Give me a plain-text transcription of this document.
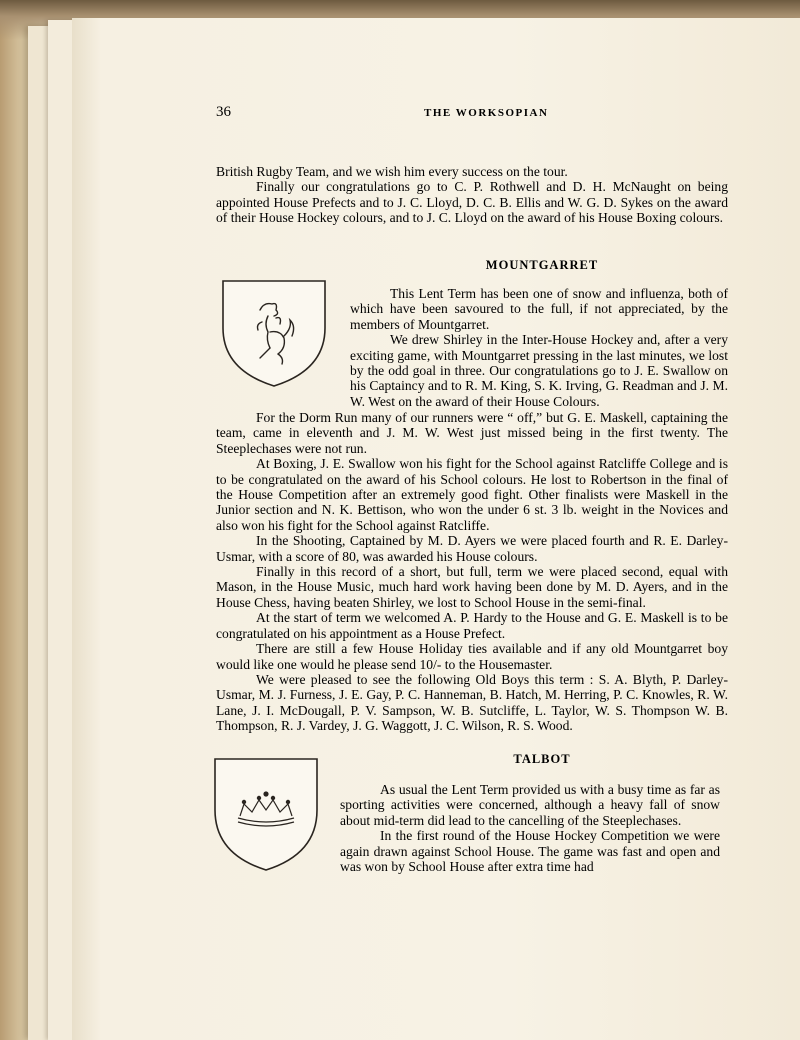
36	THE WORKSOPIAN

British Rugby Team, and we wish him every success on the tour.

Finally our congratulations go to C. P. Rothwell and D. H. McNaught on being appointed House Prefects and to J. C. Lloyd, D. C. B. Ellis and W. G. D. Sykes on the award of their House Hockey colours, and to J. C. Lloyd on the award of his House Boxing colours.

MOUNTGARRET

This Lent Term has been one of snow and influenza, both of which have been savoured to the full, if not appreciated, by the members of Mountgarret.

We drew Shirley in the Inter-House Hockey and, after a very exciting game, with Mountgarret pressing in the last minutes, we lost by the odd goal in three. Our congratulations go to J. E. Swallow on his Captaincy and to R. M. King, S. K. Irving, G. Readman and J. M. W. West on the award of their House Colours.

For the Dorm Run many of our runners were “ off,” but G. E. Maskell, captaining the team, came in eleventh and J. M. W. West just missed being in the first twenty. The Steeplechases were not run.

At Boxing, J. E. Swallow won his fight for the School against Ratcliffe College and is to be congratulated on the award of his School colours. He lost to Robertson in the final of the House Competition after an extremely good fight. Other finalists were Maskell in the Junior section and N. K. Bettison, who won the under 6 st. 3 lb. weight in the Novices and also won his fight for the School against Ratcliffe.

In the Shooting, Captained by M. D. Ayers we were placed fourth and R. E. Darley-Usmar, with a score of 80, was awarded his House colours.

Finally in this record of a short, but full, term we were placed second, equal with Mason, in the House Music, much hard work having been done by M. D. Ayers, and in the House Chess, having beaten Shirley, we lost to School House in the semi-final.

At the start of term we welcomed A. P. Hardy to the House and G. E. Maskell is to be congratulated on his appointment as a House Prefect.

There are still a few House Holiday ties available and if any old Mountgarret boy would like one would he please send 10/- to the Housemaster.

We were pleased to see the following Old Boys this term : S. A. Blyth, P. Darley-Usmar, M. J. Furness, J. E. Gay, P. C. Hanneman, B. Hatch, M. Herring, P. C. Knowles, R. W. Lane, J. I. McDougall, P. V. Sampson, W. B. Sutcliffe, L. Taylor, W. S. Thompson W. B. Thompson, R. J. Vardey, J. G. Waggott, J. C. Wilson, R. S. Wood.

TALBOT

As usual the Lent Term provided us with a busy time as far as sporting activities were concerned, although a heavy fall of snow about mid-term did lead to the cancelling of the Steeplechases.

In the first round of the House Hockey Competition we were again drawn against School House. The game was fast and open and was won by School House after extra time had
